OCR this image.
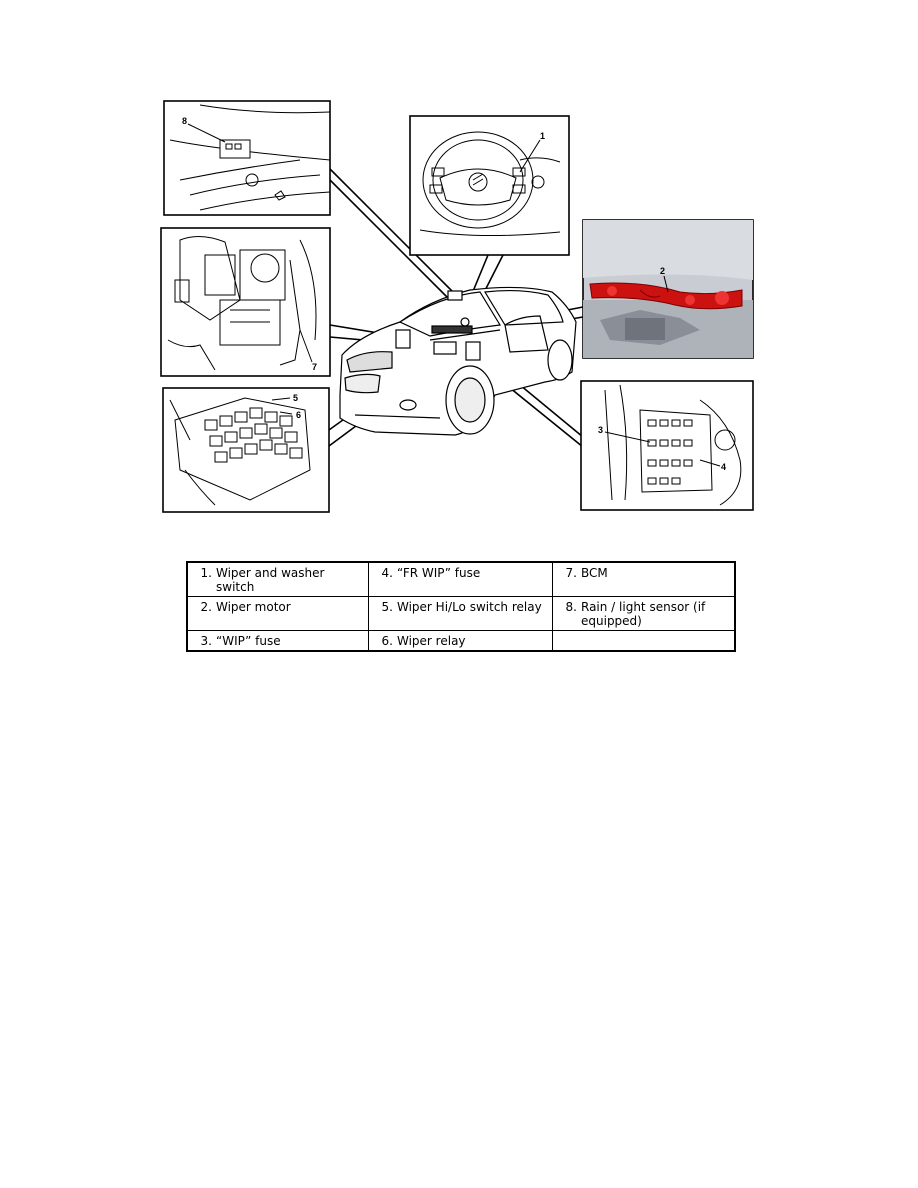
8
1
7
2
5
6
3
4
1. Wiper and washer switch	4. “FR WIP” fuse	7. BCM

2. Wiper motor	5. Wiper Hi/Lo switch relay	8. Rain / light sensor (if equipped)

3. “WIP” fuse	6. Wiper relay	
